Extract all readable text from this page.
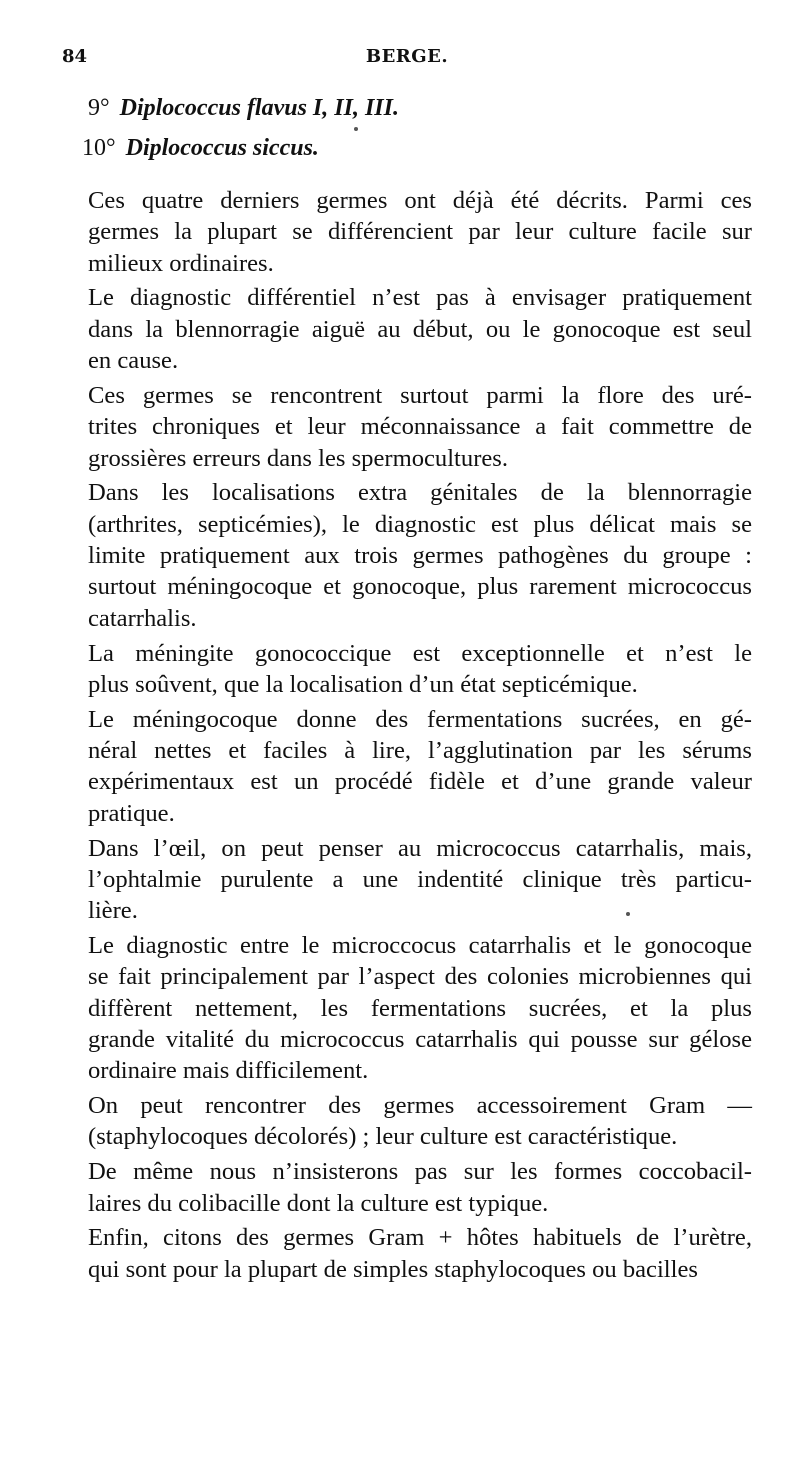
84	BERGE.
9° Diplococcus flavus I, II, III.
10° Diplococcus siccus.
Ces quatre derniers germes ont déjà été décrits. Parmi ces
germes la plupart se différencient par leur culture facile sur
milieux ordinaires.
Le diagnostic différentiel n’est pas à envisager pratiquement
dans la blennorragie aiguë au début, ou le gonocoque est seul
en cause.
Ces germes se rencontrent surtout parmi la flore des uré-
trites chroniques et leur méconnaissance a fait commettre de
grossières erreurs dans les spermocultures.
Dans les localisations extra génitales de la blennorragie
(arthrites, septicémies), le diagnostic est plus délicat mais se
limite pratiquement aux trois germes pathogènes du groupe :
surtout méningocoque et gonocoque, plus rarement micrococcus
catarrhalis.
La méningite gonococcique est exceptionnelle et n’est le
plus soûvent, que la localisation d’un état septicémique.
Le méningocoque donne des fermentations sucrées, en gé-
néral nettes et faciles à lire, l’agglutination par les sérums
expérimentaux est un procédé fidèle et d’une grande valeur
pratique.
Dans l’œil, on peut penser au micrococcus catarrhalis, mais,
l’ophtalmie purulente a une indentité clinique très particu-
lière.
Le diagnostic entre le microccocus catarrhalis et le gonocoque
se fait principalement par l’aspect des colonies microbiennes qui
diffèrent nettement, les fermentations sucrées, et la plus
grande vitalité du micrococcus catarrhalis qui pousse sur gélose
ordinaire mais difficilement.
On peut rencontrer des germes accessoirement Gram —
(staphylocoques décolorés) ; leur culture est caractéristique.
De même nous n’insisterons pas sur les formes coccobacil-
laires du colibacille dont la culture est typique.
Enfin, citons des germes Gram + hôtes habituels de l’urètre,
qui sont pour la plupart de simples staphylocoques ou bacilles
